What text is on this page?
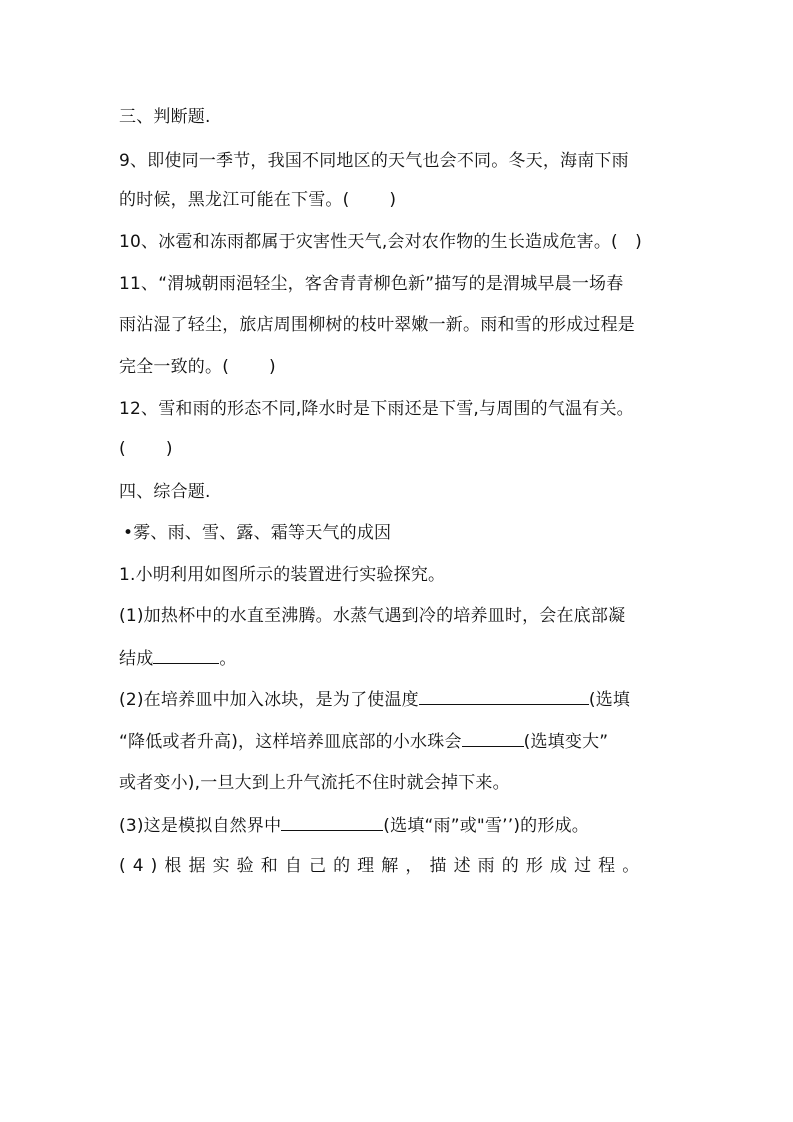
三、判断题.
9、即使同一季节，我国不同地区的天气也会不同。冬天，海南下雨
的时候，黑龙江可能在下雪。(　　 )
10、冰雹和冻雨都属于灾害性天气,会对农作物的生长造成危害。(　)
11、“渭城朝雨浥轻尘，客舍青青柳色新”描写的是渭城早晨一场春
雨沾湿了轻尘，旅店周围柳树的枝叶翠嫩一新。雨和雪的形成过程是
完全一致的。(　　 )
12、雪和雨的形态不同,降水时是下雨还是下雪,与周围的气温有关。
(　　 )
四、综合题.
•雾、雨、雪、露、霜等天气的成因
1.小明利用如图所示的装置进行实验探究。
(1)加热杯中的水直至沸腾。水蒸气遇到冷的培养皿时，会在底部凝
结成	。
(2)在培养皿中加入冰块，是为了使温度	(选填
“降低或者升高)，这样培养皿底部的小水珠会	(选填变大”
或者变小),一旦大到上升气流托不住时就会掉下来。
(3)这是模拟自然界中	(选填“雨”或"雪’’)的形成。
(4)根据实验和自己的理解，描述雨的形成过程。
